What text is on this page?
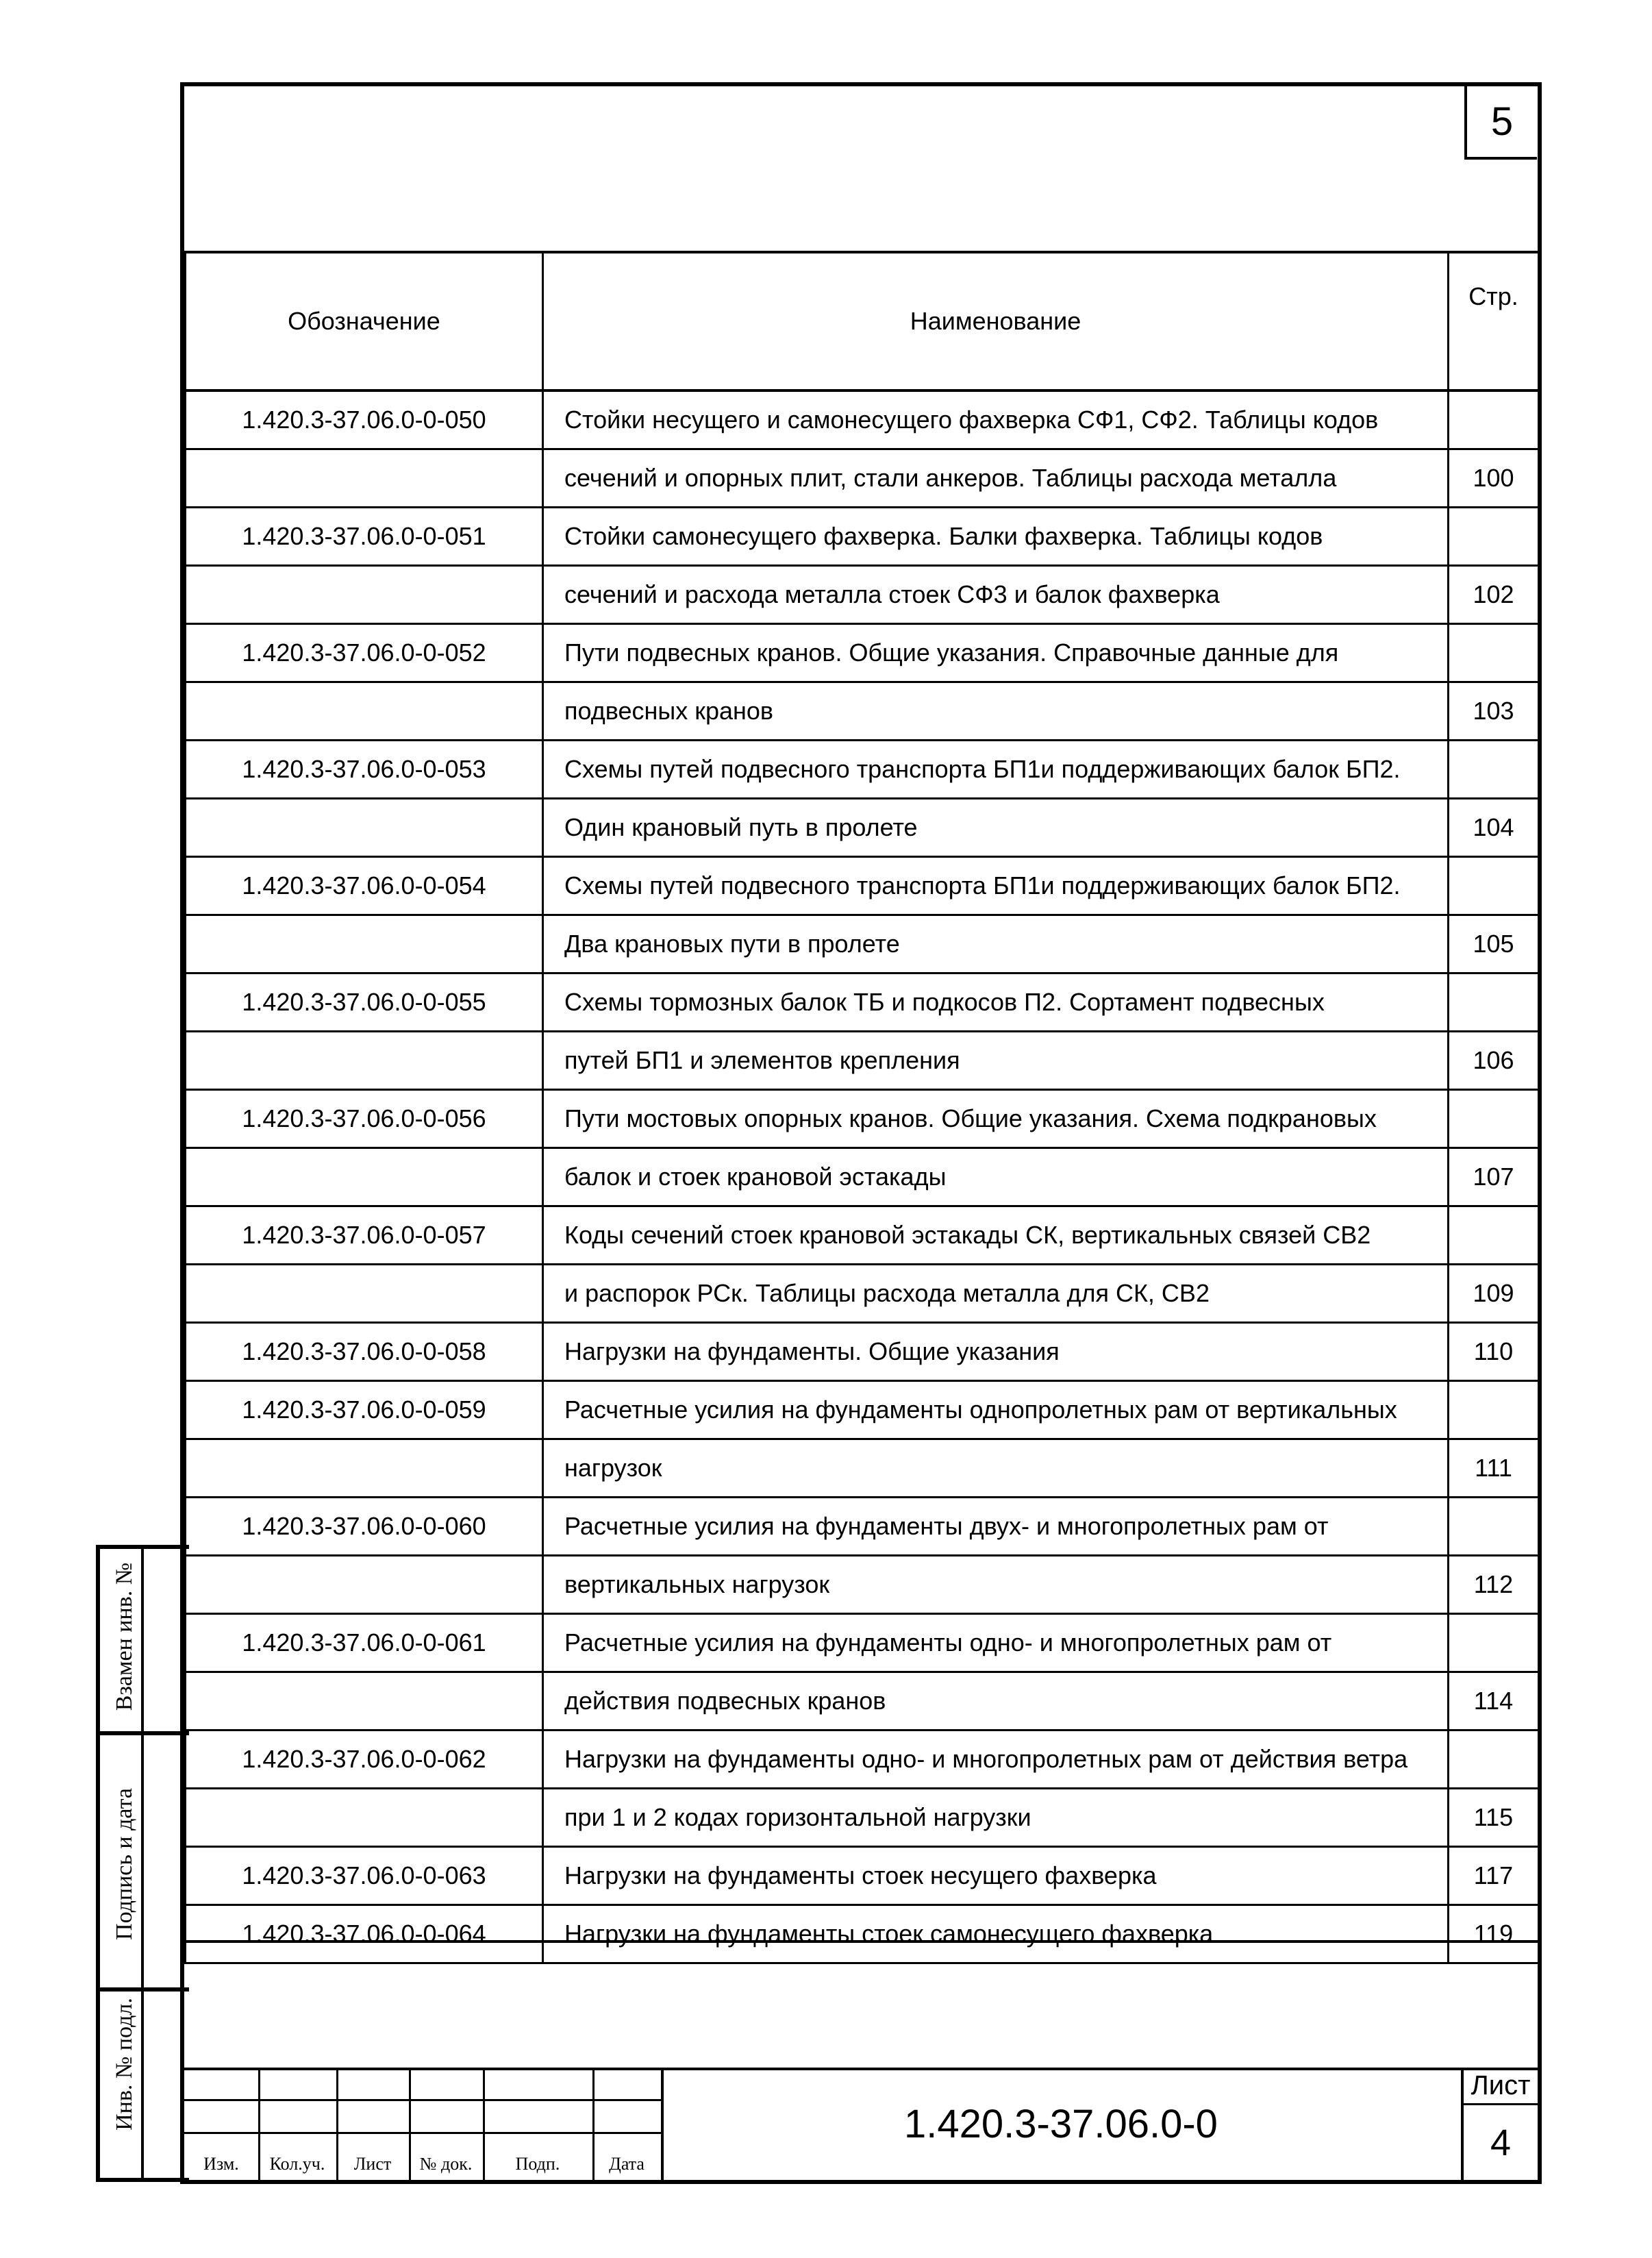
5
Обозначение	Наименование	Стр.
1.420.3-37.06.0-0-050	Стойки несущего и самонесущего фахверка СФ1, СФ2. Таблицы кодов	
	сечений и опорных плит, стали анкеров. Таблицы расхода металла	100
1.420.3-37.06.0-0-051	Стойки самонесущего фахверка. Балки фахверка. Таблицы кодов	
	сечений и расхода металла стоек СФ3 и балок фахверка	102
1.420.3-37.06.0-0-052	Пути подвесных кранов. Общие указания. Справочные данные для	
	подвесных кранов	103
1.420.3-37.06.0-0-053	Схемы путей подвесного транспорта БП1и поддерживающих балок БП2.	
	Один крановый путь в пролете	104
1.420.3-37.06.0-0-054	Схемы путей подвесного транспорта БП1и поддерживающих балок БП2.	
	Два крановых пути в пролете	105
1.420.3-37.06.0-0-055	Схемы тормозных балок ТБ и подкосов П2. Сортамент подвесных	
	путей БП1 и элементов крепления	106
1.420.3-37.06.0-0-056	Пути мостовых опорных кранов. Общие указания. Схема подкрановых	
	балок и стоек крановой эстакады	107
1.420.3-37.06.0-0-057	Коды сечений стоек крановой эстакады СК, вертикальных связей СВ2	
	и распорок РСк. Таблицы расхода металла для СК, СВ2	109
1.420.3-37.06.0-0-058	Нагрузки на фундаменты. Общие указания	110
1.420.3-37.06.0-0-059	Расчетные усилия на фундаменты однопролетных рам от вертикальных	
	нагрузок	111
1.420.3-37.06.0-0-060	Расчетные усилия на фундаменты двух- и многопролетных рам от	
	вертикальных нагрузок	112
1.420.3-37.06.0-0-061	Расчетные усилия на фундаменты одно- и многопролетных рам от	
	действия подвесных кранов	114
1.420.3-37.06.0-0-062	Нагрузки на фундаменты одно- и многопролетных рам от действия ветра	
	при 1 и 2 кодах горизонтальной нагрузки	115
1.420.3-37.06.0-0-063	Нагрузки на фундаменты стоек несущего фахверка	117
1.420.3-37.06.0-0-064	Нагрузки на фундаменты стоек самонесущего фахверка	119
Изм.	Кол.уч.	Лист	№ док.	Подп.	Дата
1.420.3-37.06.0-0
Лист
4
Взамен инв. №
Подпись и дата
Инв. № подл.
